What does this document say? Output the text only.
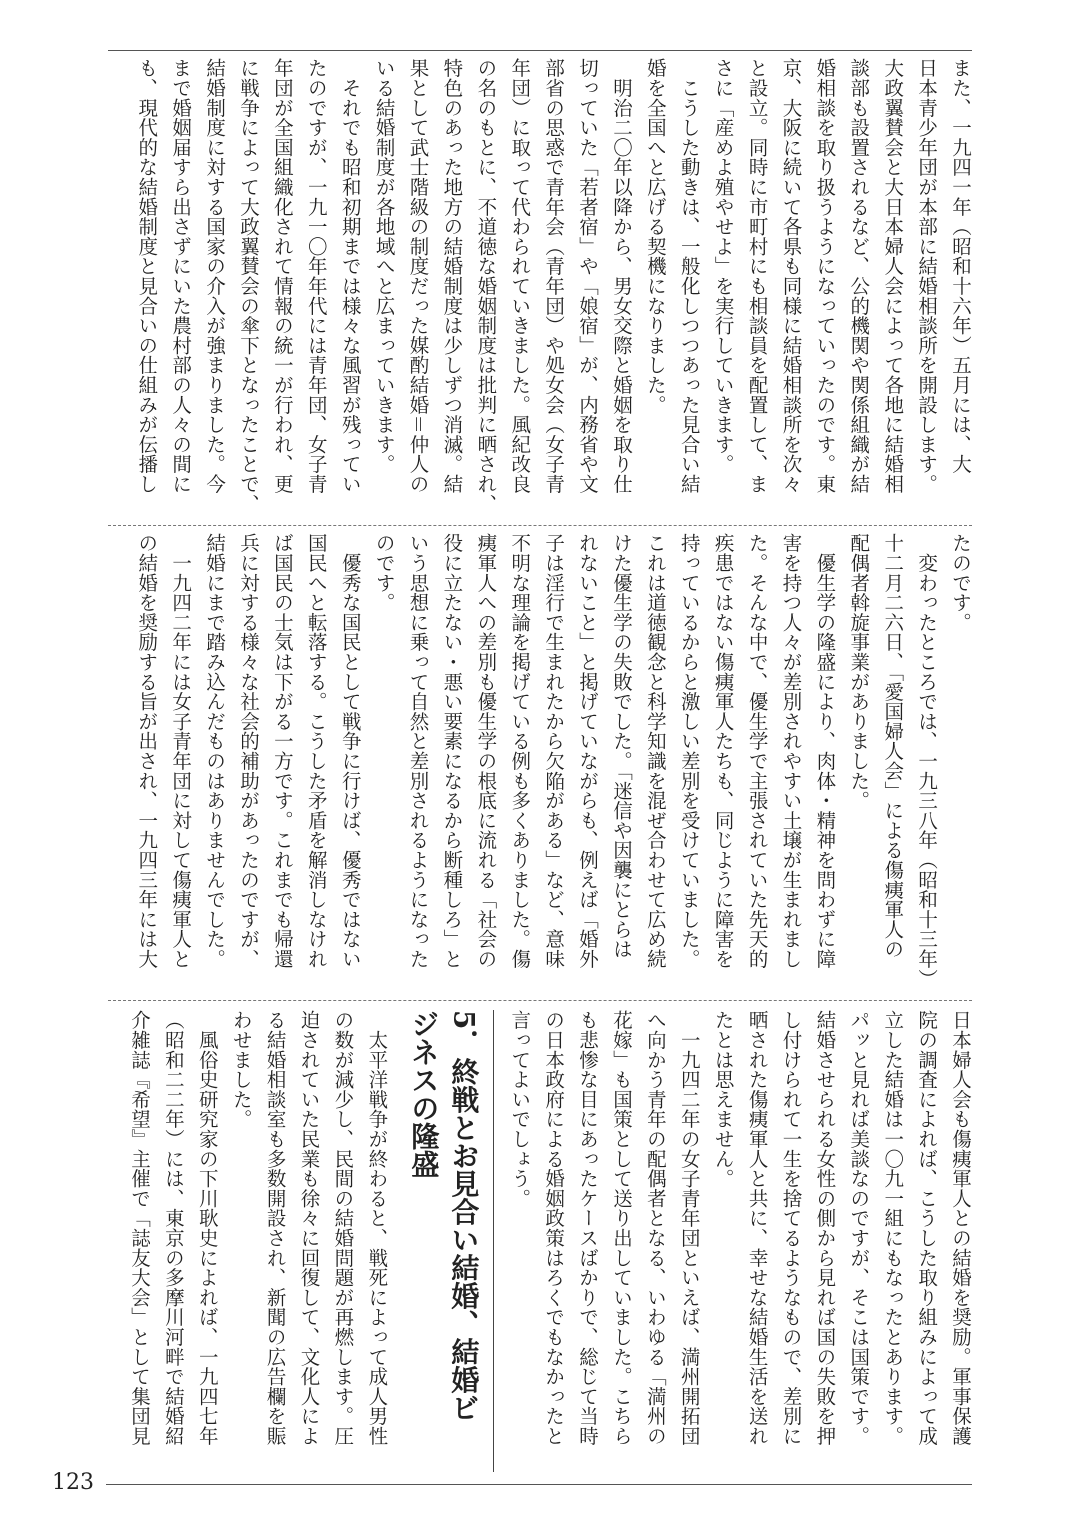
また、一九四一年（昭和十六年）五月には、大
日本青少年団が本部に結婚相談所を開設します。
大政翼賛会と大日本婦人会によって各地に結婚相
談部も設置されるなど、公的機関や関係組織が結
婚相談を取り扱うようになっていったのです。東
京、大阪に続いて各県も同様に結婚相談所を次々
と設立。同時に市町村にも相談員を配置して、ま
さに「産めよ殖やせよ」を実行していきます。
　こうした動きは、一般化しつつあった見合い結
婚を全国へと広げる契機になりました。
　明治二〇年以降から、男女交際と婚姻を取り仕
切っていた「若者宿」や「娘宿」が、内務省や文
部省の思惑で青年会（青年団）や処女会（女子青
年団）に取って代わられていきました。風紀改良
の名のもとに、不道徳な婚姻制度は批判に晒され、
特色のあった地方の結婚制度は少しずつ消滅。結
果として武士階級の制度だった媒酌結婚＝仲人の
いる結婚制度が各地域へと広まっていきます。
　それでも昭和初期までは様々な風習が残ってい
たのですが、一九一〇年年代には青年団、女子青
年団が全国組織化されて情報の統一が行われ、更
に戦争によって大政翼賛会の傘下となったことで、
結婚制度に対する国家の介入が強まりました。今
まで婚姻届すら出さずにいた農村部の人々の間に
も、現代的な結婚制度と見合いの仕組みが伝播し
たのです。
　変わったところでは、一九三八年（昭和十三年）
十二月二六日、「愛国婦人会」による傷痍軍人の
配偶者斡旋事業がありました。
　優生学の隆盛により、肉体・精神を問わずに障
害を持つ人々が差別されやすい土壌が生まれまし
た。そんな中で、優生学で主張されていた先天的
疾患ではない傷痍軍人たちも、同じように障害を
持っているからと激しい差別を受けていました。
これは道徳観念と科学知識を混ぜ合わせて広め続
けた優生学の失敗でした。「迷信や因襲にとらは
れないこと」と掲げていながらも、例えば「婚外
子は淫行で生まれたから欠陥がある」など、意味
不明な理論を掲げている例も多くありました。傷
痍軍人への差別も優生学の根底に流れる「社会の
役に立たない・悪い要素になるから断種しろ」と
いう思想に乗って自然と差別されるようになった
のです。
　優秀な国民として戦争に行けば、優秀ではない
国民へと転落する。こうした矛盾を解消しなけれ
ば国民の士気は下がる一方です。これまでも帰還
兵に対する様々な社会的補助があったのですが、
結婚にまで踏み込んだものはありませんでした。
　一九四二年には女子青年団に対して傷痍軍人と
の結婚を奨励する旨が出され、一九四三年には大
日本婦人会も傷痍軍人との結婚を奨励。軍事保護
院の調査によれば、こうした取り組みによって成
立した結婚は一〇九一組にもなったとあります。
パッと見れば美談なのですが、そこは国策です。
結婚させられる女性の側から見れば国の失敗を押
し付けられて一生を捨てるようなもので、差別に
晒された傷痍軍人と共に、幸せな結婚生活を送れ
たとは思えません。
　一九四二年の女子青年団といえば、満州開拓団
へ向かう青年の配偶者となる、いわゆる「満州の
花嫁」も国策として送り出していました。こちら
も悲惨な目にあったケースばかりで、総じて当時
の日本政府による婚姻政策はろくでもなかったと
言ってよいでしょう。
5．終戦とお見合い結婚、結婚ビ
ジネスの隆盛
　太平洋戦争が終わると、戦死によって成人男性
の数が減少し、民間の結婚問題が再燃します。圧
迫されていた民業も徐々に回復して、文化人によ
る結婚相談室も多数開設され、新聞の広告欄を賑
わせました。
　風俗史研究家の下川耿史によれば、一九四七年
（昭和二二年）には、東京の多摩川河畔で結婚紹
介雑誌『希望』主催で「誌友大会」として集団見
123
